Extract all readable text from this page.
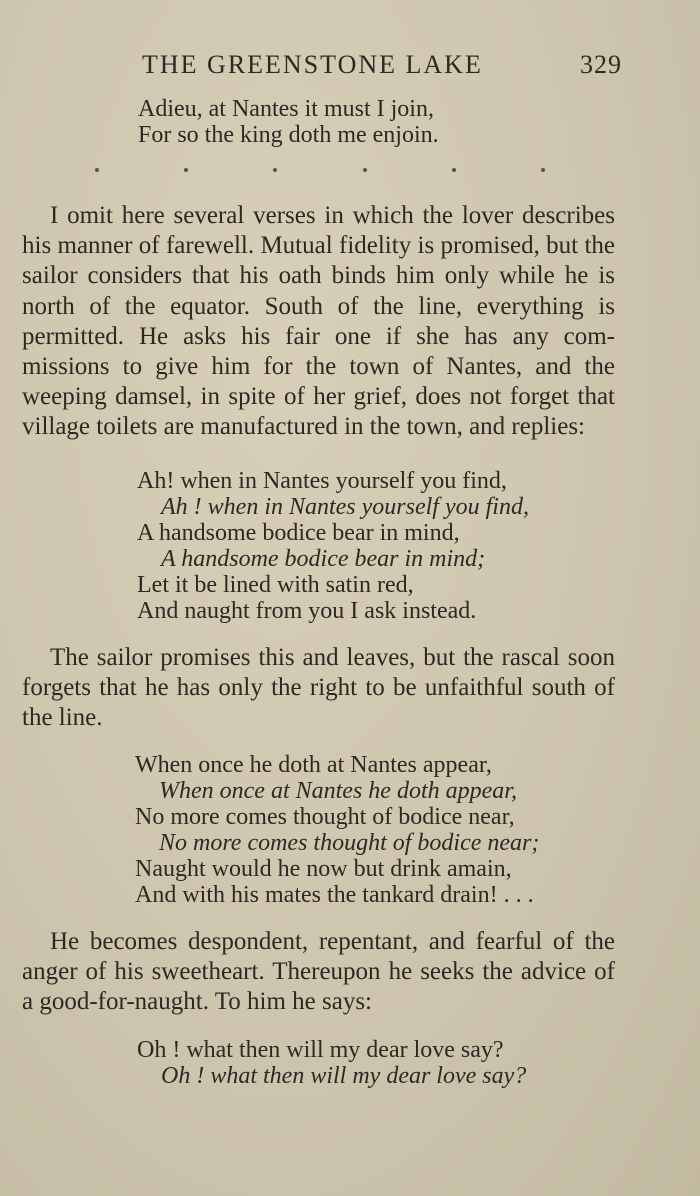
THE GREENSTONE LAKE	329
Adieu, at Nantes it must I join,
For so the king doth me enjoin.

I omit here several verses in which the lover describes his manner of farewell. Mutual fidelity is promised, but the sailor considers that his oath binds him only while he is north of the equator. South of the line, everything is permitted. He asks his fair one if she has any com- missions to give him for the town of Nantes, and the weeping damsel, in spite of her grief, does not forget that village toilets are manufactured in the town, and replies:

Ah! when in Nantes yourself you find,
Ah ! when in Nantes yourself you find,
A handsome bodice bear in mind,
A handsome bodice bear in mind;
Let it be lined with satin red,
And naught from you I ask instead.

The sailor promises this and leaves, but the rascal soon forgets that he has only the right to be unfaithful south of the line.

When once he doth at Nantes appear,
When once at Nantes he doth appear,
No more comes thought of bodice near,
No more comes thought of bodice near;
Naught would he now but drink amain,
And with his mates the tankard drain! . . .

He becomes despondent, repentant, and fearful of the anger of his sweetheart. Thereupon he seeks the advice of a good-for-naught. To him he says:

Oh ! what then will my dear love say?
Oh ! what then will my dear love say?
